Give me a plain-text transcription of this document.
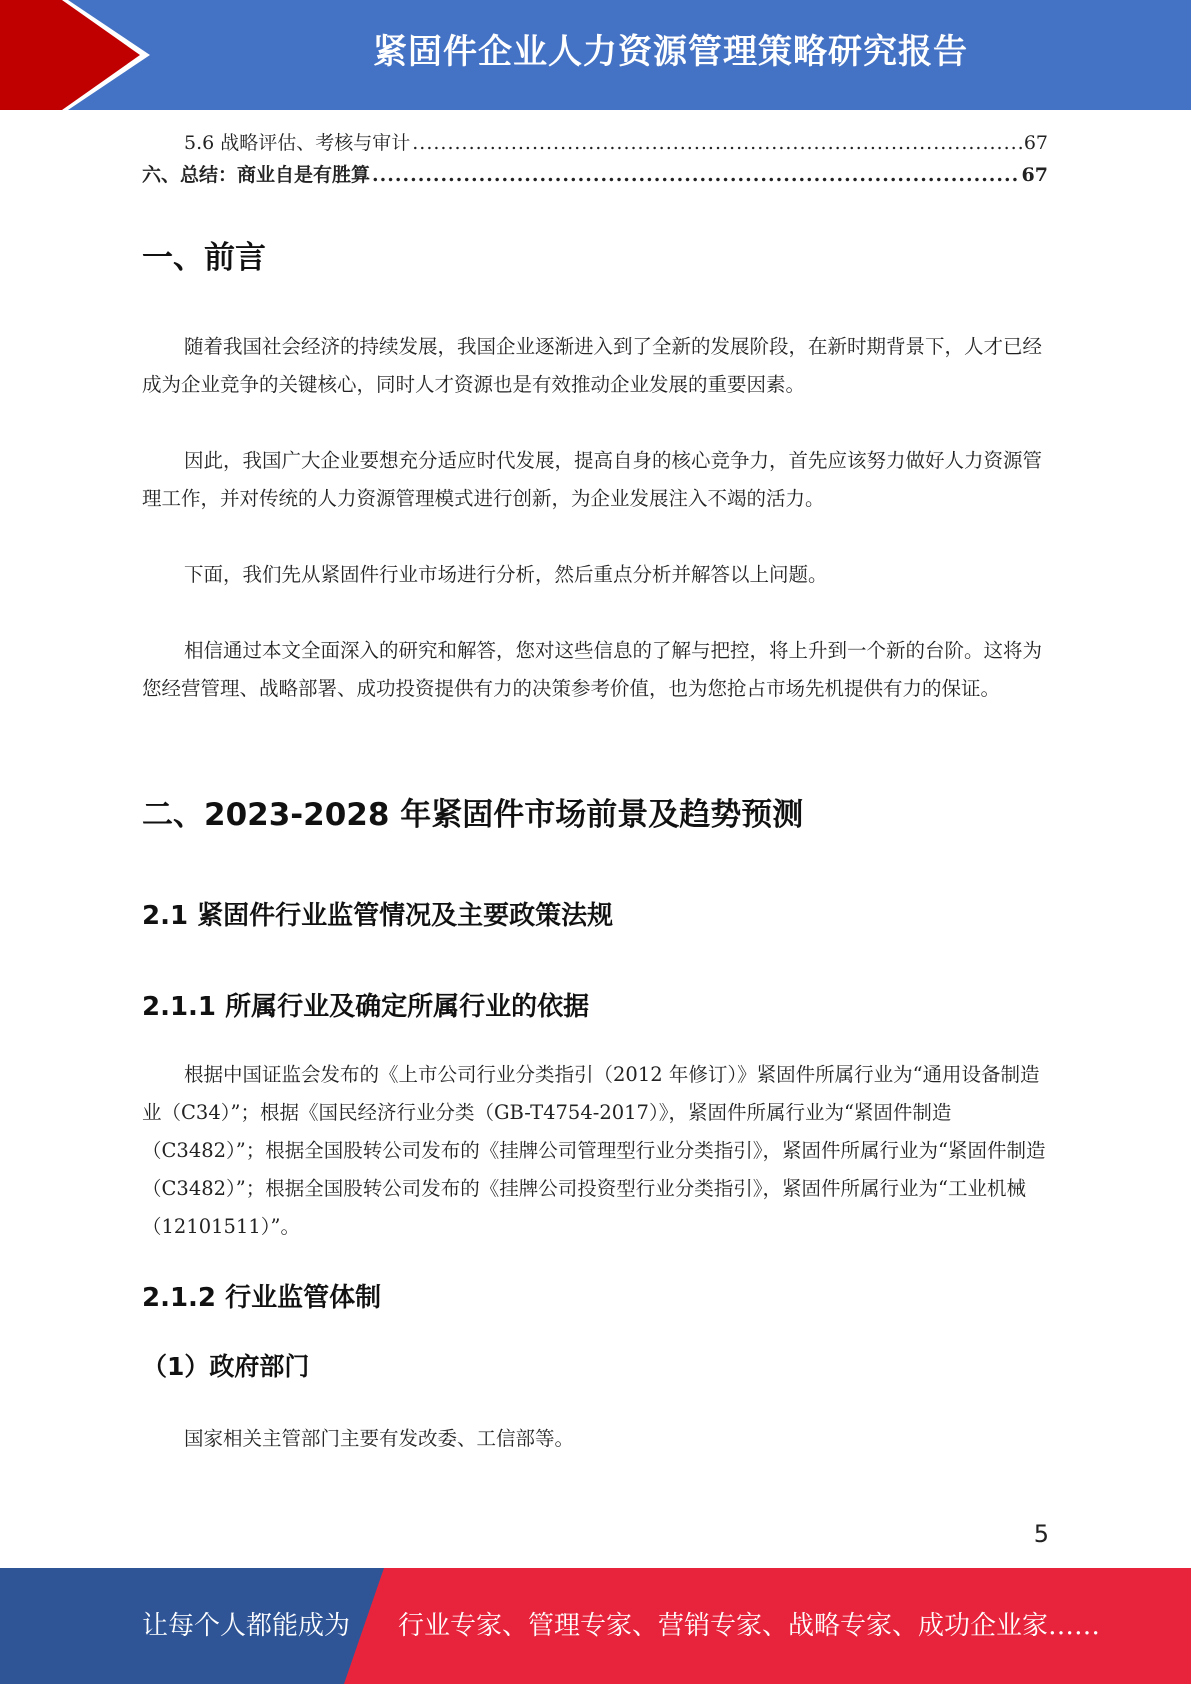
紧固件企业人力资源管理策略研究报告
5.6 战略评估、考核与审计 .....	67
六、总结：商业自是有胜算 .....	67
一、前言

随着我国社会经济的持续发展，我国企业逐渐进入到了全新的发展阶段，在新时期背景下，人才已经成为企业竞争的关键核心，同时人才资源也是有效推动企业发展的重要因素。

因此，我国广大企业要想充分适应时代发展，提高自身的核心竞争力，首先应该努力做好人力资源管理工作，并对传统的人力资源管理模式进行创新，为企业发展注入不竭的活力。

下面，我们先从紧固件行业市场进行分析，然后重点分析并解答以上问题。

相信通过本文全面深入的研究和解答，您对这些信息的了解与把控，将上升到一个新的台阶。这将为您经营管理、战略部署、成功投资提供有力的决策参考价值，也为您抢占市场先机提供有力的保证。

二、2023-2028 年紧固件市场前景及趋势预测
2.1 紧固件行业监管情况及主要政策法规
2.1.1 所属行业及确定所属行业的依据

根据中国证监会发布的《上市公司行业分类指引（2012 年修订）》紧固件所属行业为“通用设备制造业（C34）”；根据《国民经济行业分类（GB-T4754-2017）》，紧固件所属行业为“紧固件制造（C3482）”；根据全国股转公司发布的《挂牌公司管理型行业分类指引》，紧固件所属行业为“紧固件制造（C3482）”；根据全国股转公司发布的《挂牌公司投资型行业分类指引》，紧固件所属行业为“工业机械（12101511）”。

2.1.2 行业监管体制
（1）政府部门

国家相关主管部门主要有发改委、工信部等。

5
让每个人都能成为 行业专家、管理专家、营销专家、战略专家、成功企业家……
